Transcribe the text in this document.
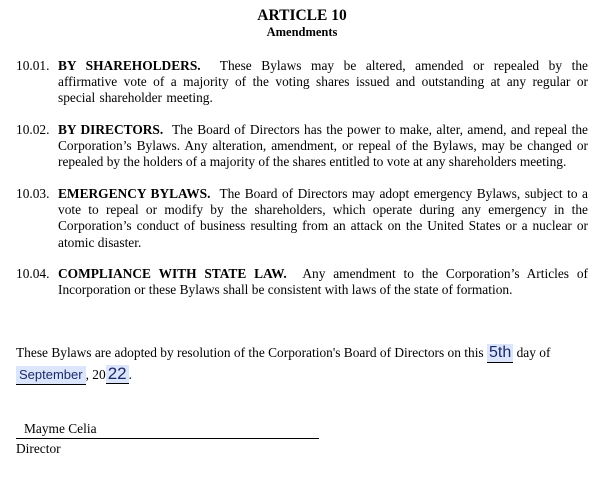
ARTICLE 10
Amendments
10.01. BY SHAREHOLDERS. These Bylaws may be altered, amended or repealed by the affirmative vote of a majority of the voting shares issued and outstanding at any regular or special shareholder meeting.
10.02. BY DIRECTORS. The Board of Directors has the power to make, alter, amend, and repeal the Corporation’s Bylaws. Any alteration, amendment, or repeal of the Bylaws, may be changed or repealed by the holders of a majority of the shares entitled to vote at any shareholders meeting.
10.03. EMERGENCY BYLAWS. The Board of Directors may adopt emergency Bylaws, subject to a vote to repeal or modify by the shareholders, which operate during any emergency in the Corporation’s conduct of business resulting from an attack on the United States or a nuclear or atomic disaster.
10.04. COMPLIANCE WITH STATE LAW. Any amendment to the Corporation’s Articles of Incorporation or these Bylaws shall be consistent with laws of the state of formation.
These Bylaws are adopted by resolution of the Corporation's Board of Directors on this 5th day of
September , 20 22 .
Mayme Celia
Director
